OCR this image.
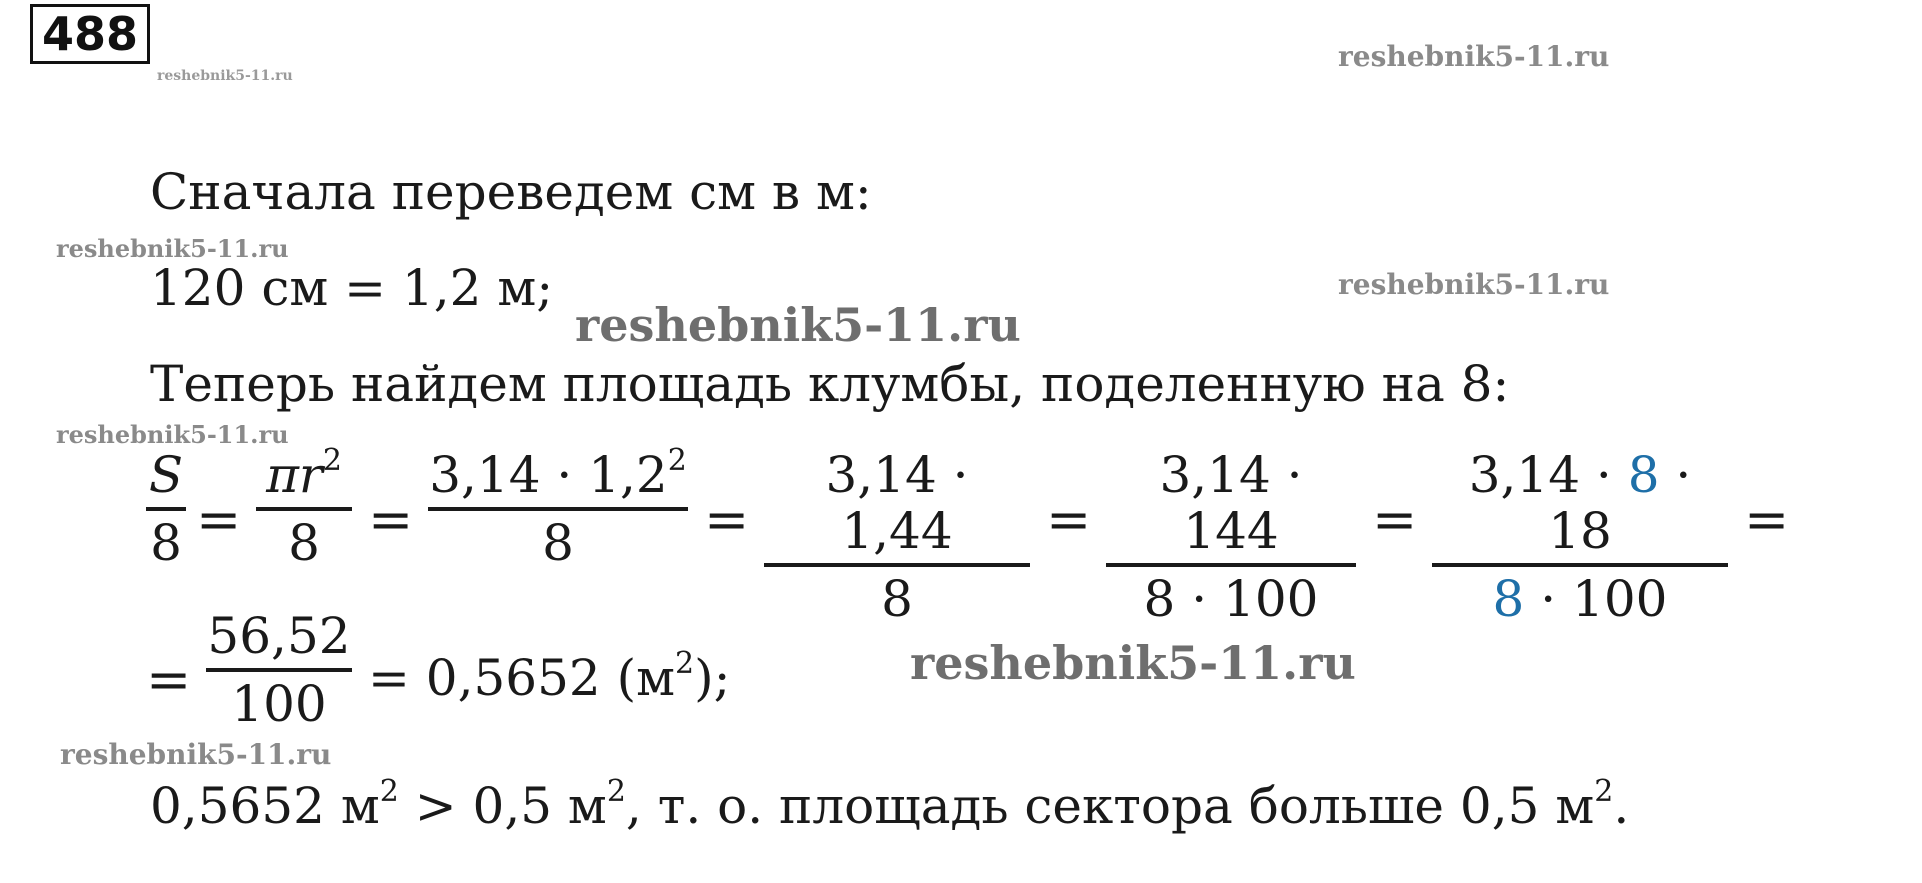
488
reshebnik5-11.ru
reshebnik5-11.ru
reshebnik5-11.ru
reshebnik5-11.ru
reshebnik5-11.ru
reshebnik5-11.ru
reshebnik5-11.ru
reshebnik5-11.ru
Сначала переведем см в м:
120 см = 1,2 м;
Теперь найдем площадь клумбы, поделенную на 8:
S
8 =
$\pi r^2$
8 =
$3,14 \cdot 1,2^2$
8	=
3,14 · 1,44
8
=
3,14 · 144
8 · 100
=
3,14 · 8 · 18
8 · 100
=
=
56,52
100 = 0,5652 $(м^2)$;
0,5652 $м^2 > 0,5$ $м^2$, т. о. площадь сектора больше 0,5 $м^2$.
